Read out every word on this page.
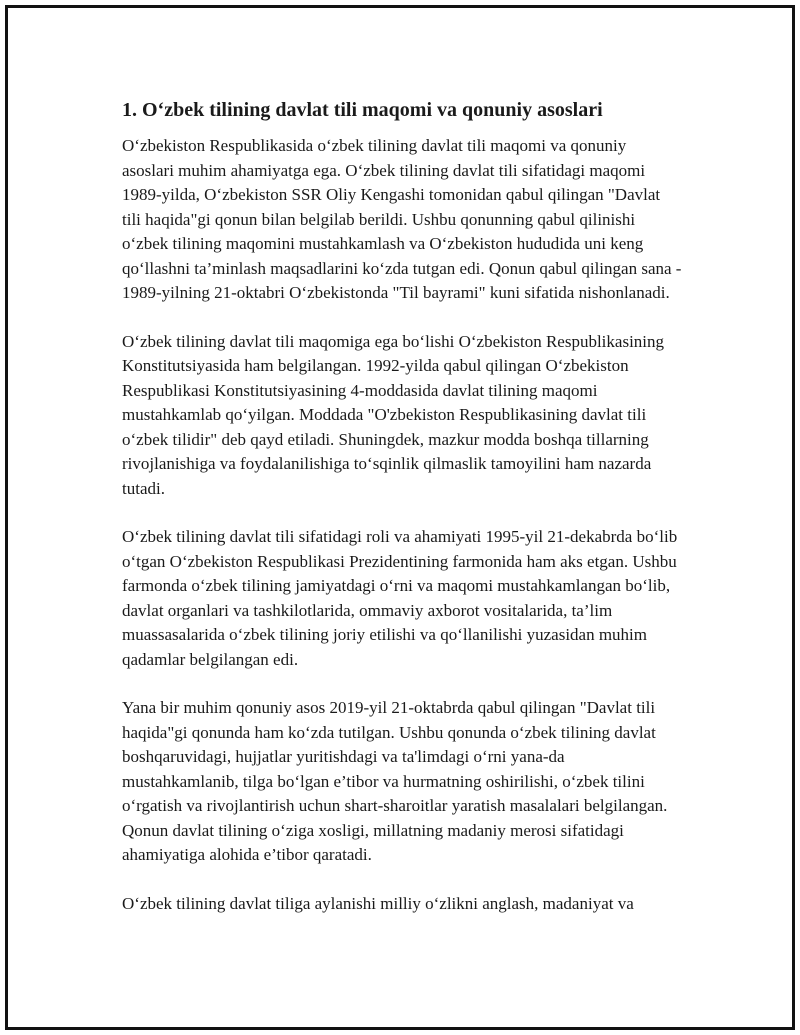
1. O‘zbek tilining davlat tili maqomi va qonuniy asoslari

O‘zbekiston Respublikasida o‘zbek tilining davlat tili maqomi va qonuniy asoslari muhim ahamiyatga ega. O‘zbek tilining davlat tili sifatidagi maqomi 1989-yilda, O‘zbekiston SSR Oliy Kengashi tomonidan qabul qilingan "Davlat tili haqida"gi qonun bilan belgilab berildi. Ushbu qonunning qabul qilinishi o‘zbek tilining maqomini mustahkamlash va O‘zbekiston hududida uni keng qo‘llashni ta’minlash maqsadlarini ko‘zda tutgan edi. Qonun qabul qilingan sana - 1989-yilning 21-oktabri O‘zbekistonda "Til bayrami" kuni sifatida nishonlanadi.

O‘zbek tilining davlat tili maqomiga ega bo‘lishi O‘zbekiston Respublikasining Konstitutsiyasida ham belgilangan. 1992-yilda qabul qilingan O‘zbekiston Respublikasi Konstitutsiyasining 4-moddasida davlat tilining maqomi mustahkamlab qo‘yilgan. Moddada "O'zbekiston Respublikasining davlat tili o‘zbek tilidir" deb qayd etiladi. Shuningdek, mazkur modda boshqa tillarning rivojlanishiga va foydalanilishiga to‘sqinlik qilmaslik tamoyilini ham nazarda tutadi.

O‘zbek tilining davlat tili sifatidagi roli va ahamiyati 1995-yil 21-dekabrda bo‘lib o‘tgan O‘zbekiston Respublikasi Prezidentining farmonida ham aks etgan. Ushbu farmonda o‘zbek tilining jamiyatdagi o‘rni va maqomi mustahkamlangan bo‘lib, davlat organlari va tashkilotlarida, ommaviy axborot vositalarida, ta’lim muassasalarida o‘zbek tilining joriy etilishi va qo‘llanilishi yuzasidan muhim qadamlar belgilangan edi.

Yana bir muhim qonuniy asos 2019-yil 21-oktabrda qabul qilingan "Davlat tili haqida"gi qonunda ham ko‘zda tutilgan. Ushbu qonunda o‘zbek tilining davlat boshqaruvidagi, hujjatlar yuritishdagi va ta'limdagi o‘rni yana-da mustahkamlanib, tilga bo‘lgan e’tibor va hurmatning oshirilishi, o‘zbek tilini o‘rgatish va rivojlantirish uchun shart-sharoitlar yaratish masalalari belgilangan. Qonun davlat tilining o‘ziga xosligi, millatning madaniy merosi sifatidagi ahamiyatiga alohida e’tibor qaratadi.

O‘zbek tilining davlat tiliga aylanishi milliy o‘zlikni anglash, madaniyat va
